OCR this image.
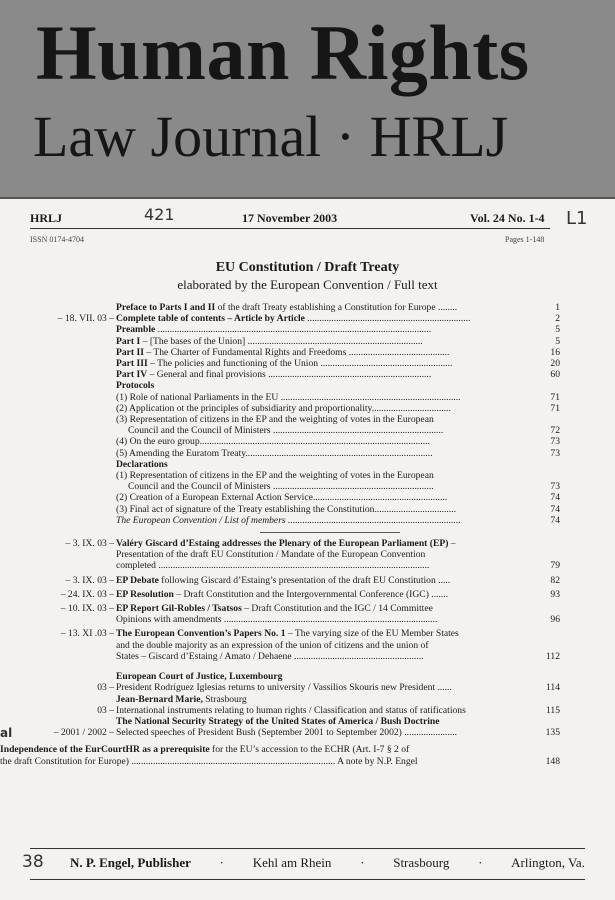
Human Rights
Law Journal · HRLJ
HRLJ	421	17 November 2003	Vol. 24 No. 1-4 L1
ISSN 0174-4704	Pages 1-148
EU Constitution / Draft Treaty
elaborated by the European Convention / Full text
Preface to Parts I and II of the draft Treaty establishing a Constitution for Europe ........	1
– 18. VII. 03 – Complete table of contents – Article by Article ....................................................................	2
Preamble ..................................................................................................................	5
Part I – [The bases of the Union] .........................................................................	5
Part II – The Charter of Fundamental Rights and Freedoms ..........................................	16
Part III – The policies and functioning of the Union .......................................................	20
Part IV – General and final provisions ....................................................................	60
Protocols
(1) Role of national Parliaments in the EU ...........................................................................	71
(2) Application ot the principles of subsidiarity and proportionality.................................	71
(3) Representation of citizens in the EP and the weighting of votes in the European
Council and the Council of Ministers .......................................................................	72
(4) On the euro group................................................................................................	73
(5) Amending the Euratom Treaty..............................................................................	73
Declarations
(1) Representation of citizens in the EP and the weighting of votes in the European
Council and the Council of Ministers ...................................................................	73
(2) Creation of a European External Action Service........................................................	74
(3) Final act of signature of the Treaty establishing the Constitution..................................	74
The European Convention / List of members ........................................................................	74
– 3. IX. 03 – Valéry Giscard d’Estaing addresses the Plenary of the European Parliament (EP) –
Presentation of the draft EU Constitution / Mandate of the European Convention
completed .................................................................................................................	79
– 3. IX. 03 – EP Debate following Giscard d’Estaing’s presentation of the draft EU Constitution .....	82
– 24. IX. 03 – EP Resolution – Draft Constitution and the Intergovernmental Conference (IGC) .......	93
– 10. IX. 03 – EP Report Gil-Robles / Tsatsos – Draft Constitution and the IGC / 14 Committee
Opinions with amendments .........................................................................................	96
– 13. XI .03 – The European Convention’s Papers No. 1 – The varying size of the EU Member States
and the double majority as an expression of the union of citizens and the union of
States – Giscard d’Estaing / Amato / Dehaene ......................................................	112
European Court of Justice, Luxembourg
03 – President Rodríguez Iglesias returns to university / Vassilios Skouris new President ......	114
Jean-Bernard Marie, Strasbourg
03 – International instruments relating to human rights / Classification and status of ratifications	115
The National Security Strategy of the United States of America / Bush Doctrine
– 2001 / 2002 – Selected speeches of President Bush (September 2001 to September 2002) ......................	135
Independence of the EurCourtHR as a prerequisite for the EU’s accession to the ECHR (Art. I-7 § 2 of
the draft Constitution for Europe) ..................................................................................... A note by N.P. Engel	148
38 N. P. Engel, Publisher · Kehl am Rhein · Strasbourg · Arlington, Va.
al
